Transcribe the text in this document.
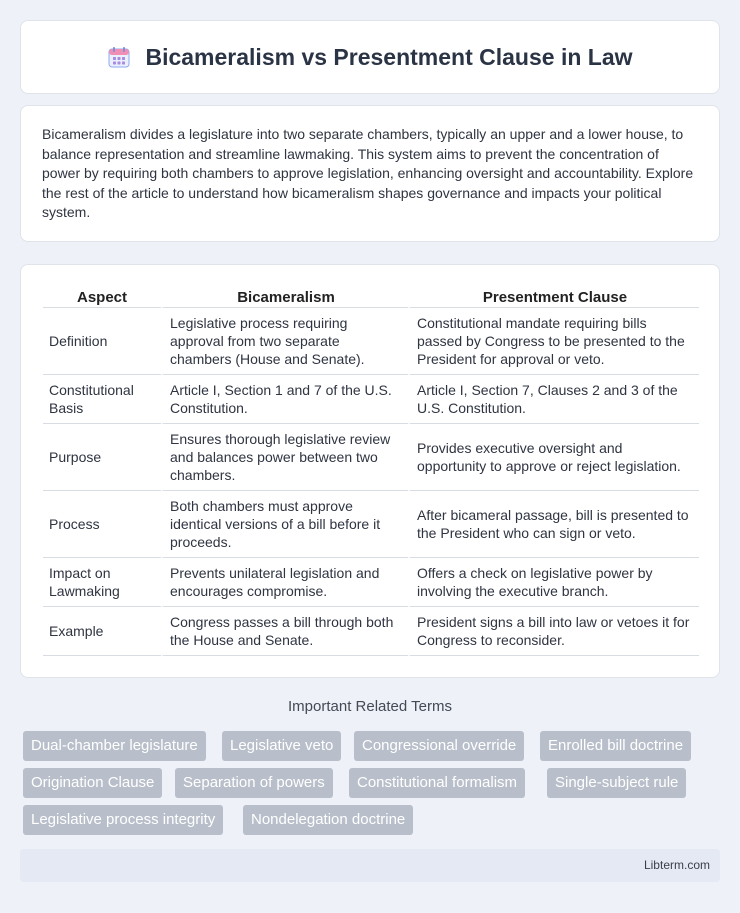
Bicameralism vs Presentment Clause in Law

Bicameralism divides a legislature into two separate chambers, typically an upper and a lower house, to balance representation and streamline lawmaking. This system aims to prevent the concentration of power by requiring both chambers to approve legislation, enhancing oversight and accountability. Explore the rest of the article to understand how bicameralism shapes governance and impacts your political system.

Aspect	Bicameralism	Presentment Clause
Definition	Legislative process requiring approval from two separate chambers (House and Senate).	Constitutional mandate requiring bills passed by Congress to be presented to the President for approval or veto.
Constitutional Basis	Article I, Section 1 and 7 of the U.S. Constitution.	Article I, Section 7, Clauses 2 and 3 of the U.S. Constitution.
Purpose	Ensures thorough legislative review and balances power between two chambers.	Provides executive oversight and opportunity to approve or reject legislation.
Process	Both chambers must approve identical versions of a bill before it proceeds.	After bicameral passage, bill is presented to the President who can sign or veto.
Impact on Lawmaking	Prevents unilateral legislation and encourages compromise.	Offers a check on legislative power by involving the executive branch.
Example	Congress passes a bill through both the House and Senate.	President signs a bill into law or vetoes it for Congress to reconsider.
Important Related Terms
Dual-chamber legislature	Legislative veto	Congressional override	Enrolled bill doctrine
Origination Clause	Separation of powers	Constitutional formalism	Single-subject rule
Legislative process integrity	Nondelegation doctrine
Libterm.com
